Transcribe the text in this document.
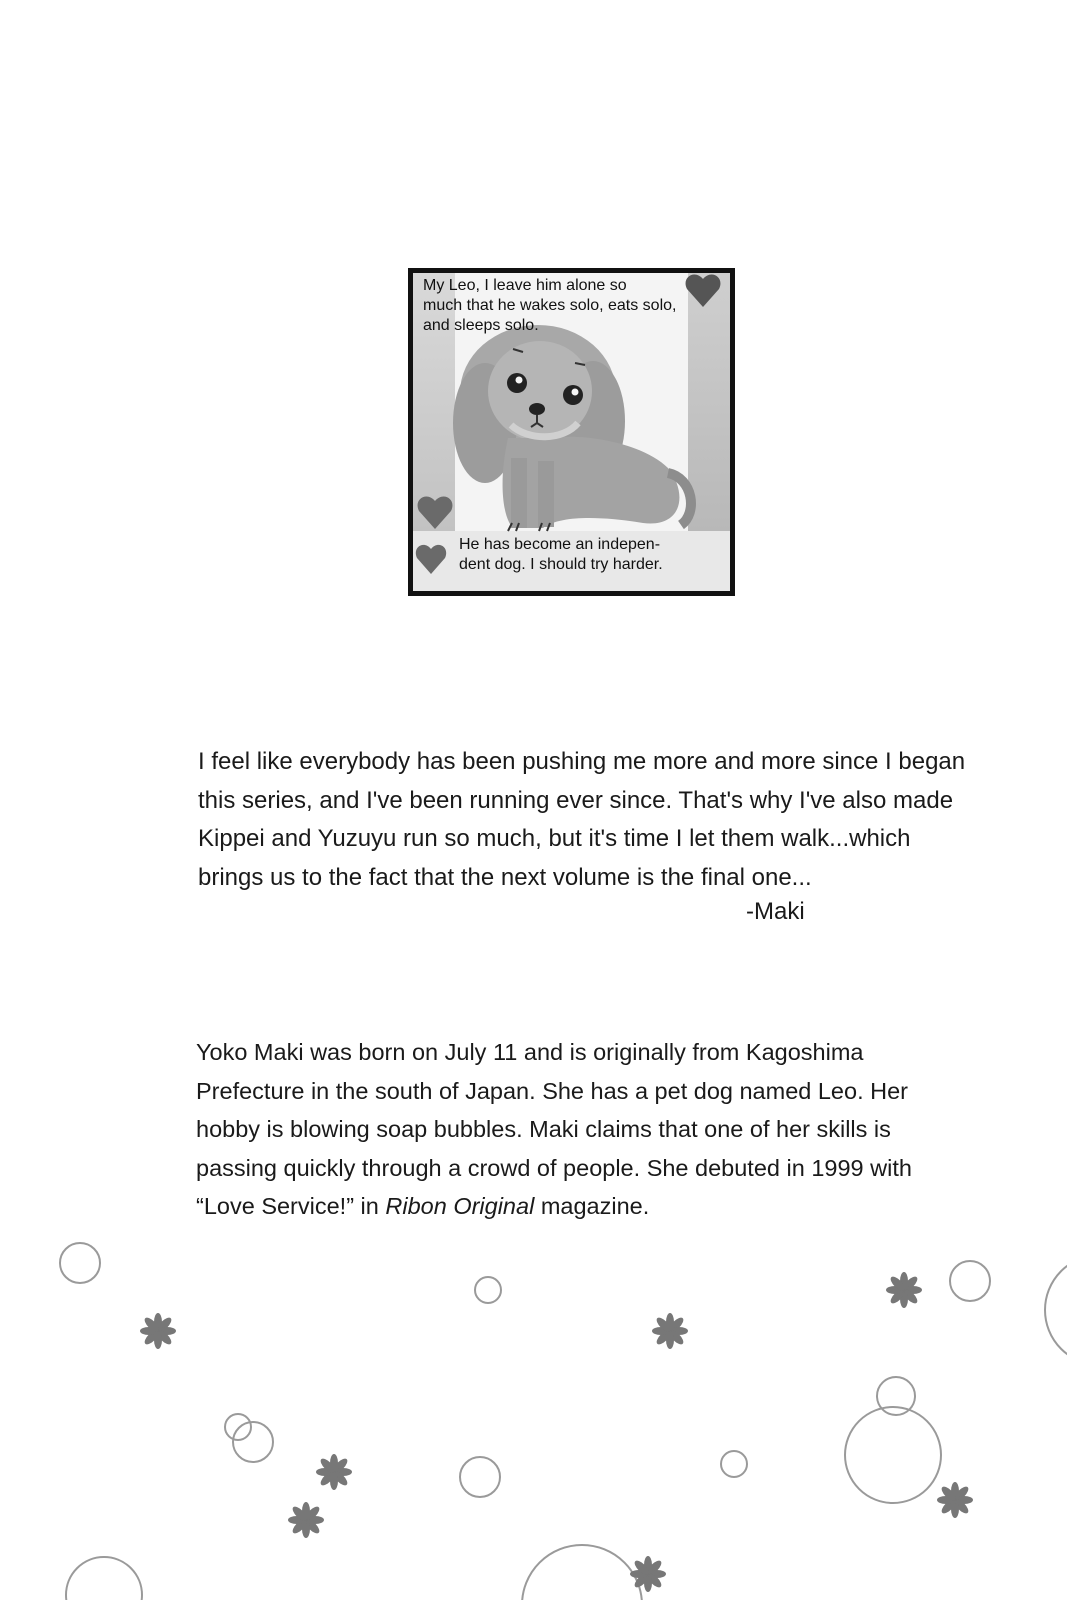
My Leo, I leave him alone so
much that he wakes solo, eats solo,
and sleeps solo.
He has become an indepen-
dent dog. I should try harder.

I feel like everybody has been pushing me more and more since I began
this series, and I've been running ever since. That's why I've also made
Kippei and Yuzuyu run so much, but it's time I let them walk...which
brings us to the fact that the next volume is the final one...

-Maki
Yoko Maki was born on July 11 and is originally from Kagoshima Prefecture in the south of Japan. She has a pet dog named Leo. Her hobby is blowing soap bubbles. Maki claims that one of her skills is passing quickly through a crowd of people. She debuted in 1999 with “Love Service!” in Ribon Original magazine.
